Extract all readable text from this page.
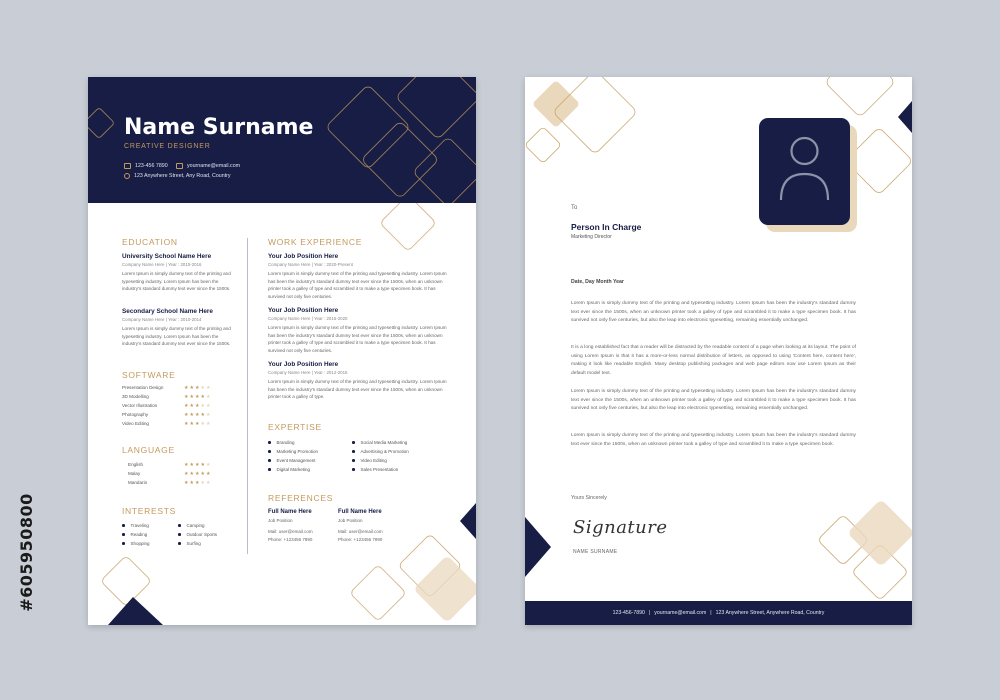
#605950800
Name Surname
CREATIVE DESIGNER
123-456 7890	yourname@email.com
123 Anywhere Street, Any Road, Country
EDUCATION
University School Name Here
Company Name Here | Year : 2015-2016
Lorem Ipsum is simply dummy text of the printing and typesetting industry. Lorem Ipsum has been the industry's standard dummy text ever since the 1500s.
Secondary School Name Here
Company Name Here | Year : 2010-2014
Lorem Ipsum is simply dummy text of the printing and typesetting industry. Lorem Ipsum has been the industry's standard dummy text ever since the 1500s.
SOFTWARE
Presentation Design	★★★★★
3D Modelling	★★★★★
Vector Illustration	★★★★★
Photography	★★★★★
Video Editing	★★★★★
LANGUAGE
English	★★★★★
Malay	★★★★★
Mandarin	★★★★★
INTERESTS
Traveling
Reading
Shopping
Camping
Outdoor Sports
Surfing
WORK EXPERIENCE
Your Job Position Here
Company Name Here | Year : 2020-Present
Lorem Ipsum is simply dummy text of the printing and typesetting industry. Lorem Ipsum has been the industry's standard dummy text ever since the 1500s, when an unknown printer took a galley of type and scrambled it to make a type specimen book. It has survived not only five centuries.
Your Job Position Here
Company Name Here | Year : 2015-2020
Lorem Ipsum is simply dummy text of the printing and typesetting industry. Lorem Ipsum has been the industry's standard dummy text ever since the 1500s, when an unknown printer took a galley of type and scrambled it to make a type specimen book. It has survived not only five centuries.
Your Job Position Here
Company Name Here | Year : 2012-2015
Lorem Ipsum is simply dummy text of the printing and typesetting industry. Lorem Ipsum has been the industry's standard dummy text ever since the 1500s, when an unknown printer took a galley of type.
EXPERTISE
Branding
Marketing Promotion
Event Management
Digital Marketing
Social Media Marketing
Advertising & Promotion
Video Editing
Sales Presentation
REFERENCES
Full Name Here
Job Position
Mail: user@email.com
Phone: +123456 7890
Full Name Here
Job Position
Mail: user@email.com
Phone: +123456 7890
To
Person In Charge
Marketing Director
Date, Day Month Year
Lorem Ipsum is simply dummy text of the printing and typesetting industry. Lorem Ipsum has been the industry's standard dummy text ever since the 1500s, when an unknown printer took a galley of type and scrambled it to make a type specimen book. It has survived not only five centuries, but also the leap into electronic typesetting, remaining essentially unchanged.
It is a long established fact that a reader will be distracted by the readable content of a page when looking at its layout. The point of using Lorem Ipsum is that it has a more-or-less normal distribution of letters, as opposed to using 'Content here, content here', making it look like readable English. Many desktop publishing packages and web page editors now use Lorem Ipsum as their default model text.
Lorem Ipsum is simply dummy text of the printing and typesetting industry. Lorem Ipsum has been the industry's standard dummy text ever since the 1500s, when an unknown printer took a galley of type and scrambled it to make a type specimen book. It has survived not only five centuries, but also the leap into electronic typesetting, remaining essentially unchanged.
Lorem Ipsum is simply dummy text of the printing and typesetting industry. Lorem Ipsum has been the industry's standard dummy text ever since the 1500s, when an unknown printer took a galley of type and scrambled it to make a type specimen book.
Yours Sincerely
Signature
NAME SURNAME
123-456-7890 | yourname@email.com | 123 Anywhere Street, Anywhere Road, Country
